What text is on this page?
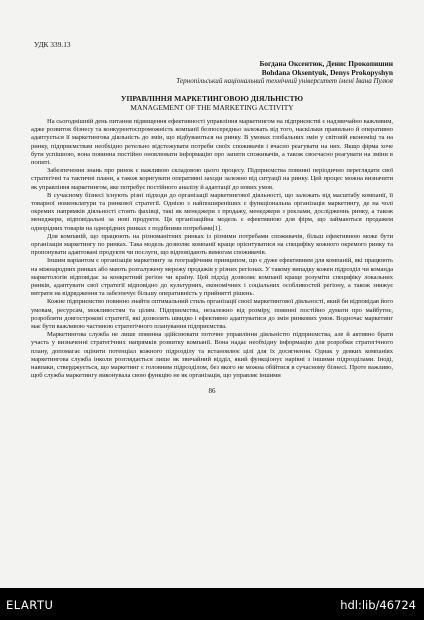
УДК 339.13
Богдана Оксентюк, Денис Прокопишин
Bohdana Oksentyuk, Denys Prokopyshyn
Тернопільський національний технічний університет імені Івана Пулюя
УПРАВЛІННЯ МАРКЕТИНГОВОЮ ДІЯЛЬНІСТЮ
MANAGEMENT OF THE MARKETING ACTIVITY

На сьогоднішній день питання підвищення ефективності управління маркетингом на підприємстві є надзвичайно важливим, адже розвиток бізнесу та конкурентоспроможність компанії безпосередньо залежать від того, наскільки правильно й оперативно адаптується її маркетингова діяльність до змін, що відбуваються на ринку. В умовах глобальних змін у світовій економіці та на ринку, підприємствам необхідно ретельно відстежувати потреби своїх споживачів і вчасно реагувати на них. Якщо фірма хоче бути успішною, вона повинна постійно оновлювати інформацію про запити споживачів, а також своєчасно реагувати на зміни в попиті.

Забезпечення знань про ринок є важливою складовою цього процесу. Підприємства повинні періодично переглядати свої стратегічні та тактичні плани, а також коригувати оперативні заходи залежно від ситуації на ринку. Цей процес можна визначити як управління маркетингом, яке потребує постійного аналізу й адаптації до нових умов.

В сучасному бізнесі існують різні підходи до організації маркетингової діяльності, що залежать від масштабу компанії, її товарної номенклатури та ринкової стратегії. Однією з найпоширеніших є функціональна організація маркетингу, де на чолі окремих напрямків діяльності стоять фахівці, такі як менеджери з продажу, менеджери з реклами, дослідженнь ринку, а також менеджери, відповідальні за нові продукти. Ця організаційна модель є ефективною для фірм, що займаються продажем однорідних товарів на однорідних ринках з подібними потребами[1].

Для компаній, що працюють на різноманітних ринках із різними потребами споживачів, більш ефективною може бути організація маркетингу по ринках. Така модель дозволяє компанії краще орієнтуватися на специфіку кожного окремого ринку та пропонувати адаптовані продукти чи послуги, що відповідають вимогам споживачів.

Іншим варіантом є організація маркетингу за географічним принципом, що є дуже ефективним для компаній, які працюють на міжнародних ринках або мають розгалужену мережу продажів у різних регіонах. У такому випадку кожен підрозділ чи команда маркетологів відповідає за конкретний регіон чи країну. Цей підхід дозволяє компанії краще розуміти специфіку локальних ринків, адаптувати свої стратегії відповідно до культурних, економічних і соціальних особливостей регіону, а також знижує витрати на відрядження та забезпечує більшу оперативність у прийнятті рішень.

Кожне підприємство повинно знайти оптимальний стиль організації своєї маркетингової діяльності, який би відповідав його умовам, ресурсам, можливостям та цілям. Підприємства, незалежно від розміру, повинні постійно думати про майбутнє, розробляти довгострокові стратегії, які дозволять швидко і ефективно адаптуватися до змін ринкових умов. Водночас маркетинг має бути важливою частиною стратегічного планування підприємства.

Маркетингова служба не лише повинна здійснювати поточне управління діяльністю підприємства, але й активно брати участь у визначенні стратегічних напрямків розвитку компанії. Вона надає необхідну інформацію для розробки стратегічного плану, допомагає оцінити потенціал кожного підрозділу та встановлює цілі для їх досягнення. Однак у деяких компаніях маркетингова служба інколи розглядається лише як звичайний відділ, який функціонує нарівні з іншими підрозділами. Іноді, навпаки, стверджується, що маркетинг є головним підрозділом, без якого не можна обійтися в сучасному бізнесі. Проте важливо, щоб служба маркетингу виконувала свою функцію не як організація, що управляє іншими

86
ELARTU	hdl:lib/46724
